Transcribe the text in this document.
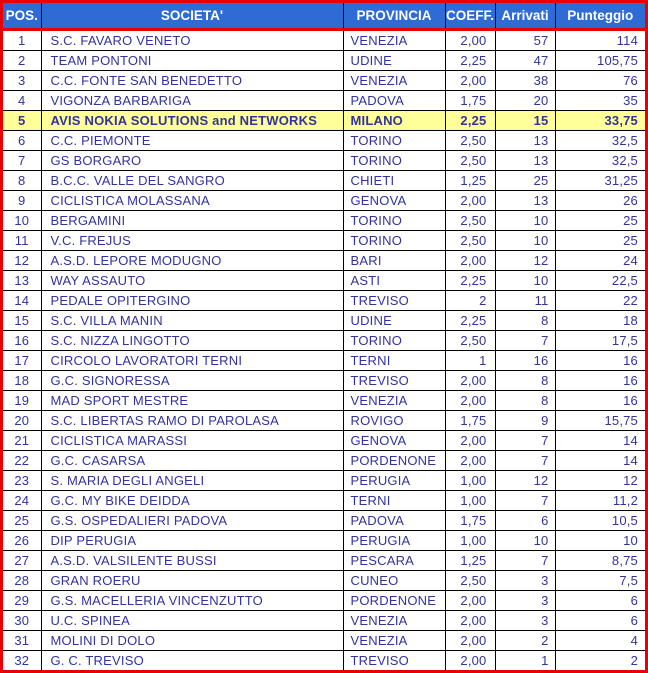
POS.	SOCIETA'	PROVINCIA	COEFF.	Arrivati	Punteggio
1	S.C. FAVARO VENETO	VENEZIA	2,00	57	114
2	TEAM PONTONI	UDINE	2,25	47	105,75
3	C.C. FONTE SAN BENEDETTO	VENEZIA	2,00	38	76
4	VIGONZA BARBARIGA	PADOVA	1,75	20	35
5	AVIS NOKIA SOLUTIONS and NETWORKS	MILANO	2,25	15	33,75
6	C.C. PIEMONTE	TORINO	2,50	13	32,5
7	GS BORGARO	TORINO	2,50	13	32,5
8	B.C.C. VALLE DEL SANGRO	CHIETI	1,25	25	31,25
9	CICLISTICA MOLASSANA	GENOVA	2,00	13	26
10	BERGAMINI	TORINO	2,50	10	25
11	V.C. FREJUS	TORINO	2,50	10	25
12	A.S.D. LEPORE MODUGNO	BARI	2,00	12	24
13	WAY ASSAUTO	ASTI	2,25	10	22,5
14	PEDALE OPITERGINO	TREVISO	2	11	22
15	S.C. VILLA MANIN	UDINE	2,25	8	18
16	S.C. NIZZA LINGOTTO	TORINO	2,50	7	17,5
17	CIRCOLO LAVORATORI TERNI	TERNI	1	16	16
18	G.C. SIGNORESSA	TREVISO	2,00	8	16
19	MAD SPORT MESTRE	VENEZIA	2,00	8	16
20	S.C. LIBERTAS RAMO DI PAROLASA	ROVIGO	1,75	9	15,75
21	CICLISTICA MARASSI	GENOVA	2,00	7	14
22	G.C. CASARSA	PORDENONE	2,00	7	14
23	S. MARIA DEGLI ANGELI	PERUGIA	1,00	12	12
24	G.C. MY BIKE DEIDDA	TERNI	1,00	7	11,2
25	G.S. OSPEDALIERI PADOVA	PADOVA	1,75	6	10,5
26	DIP PERUGIA	PERUGIA	1,00	10	10
27	A.S.D. VALSILENTE BUSSI	PESCARA	1,25	7	8,75
28	GRAN ROERU	CUNEO	2,50	3	7,5
29	G.S. MACELLERIA VINCENZUTTO	PORDENONE	2,00	3	6
30	U.C. SPINEA	VENEZIA	2,00	3	6
31	MOLINI DI DOLO	VENEZIA	2,00	2	4
32	G. C. TREVISO	TREVISO	2,00	1	2
